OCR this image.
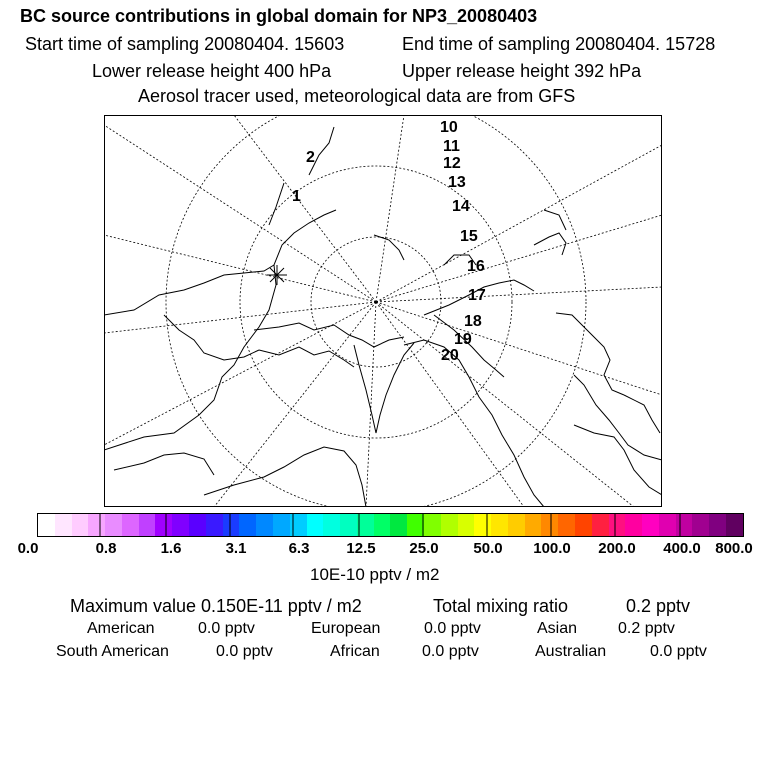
BC source contributions in global domain for NP3_20080403
Start time of sampling 20080404. 15603	End time of sampling 20080404. 15728
Lower release height 400 hPa	Upper release height 392 hPa
Aerosol tracer used, meteorological data are from GFS
10
11
12
13
14
15
16
17
18
19
20
2
1
0.0	0.8	1.6	3.1	6.3 12.5 25.0 50.0 100.0 200.0 400.0 800.0
10E-10 pptv / m2
Maximum value 0.150E-11 pptv / m2	Total mixing ratio	0.2 pptv
American	0.0 pptv	European	0.0 pptv	Asian	0.2 pptv
South American	0.0 pptv	African	0.0 pptv	Australian	0.0 pptv
